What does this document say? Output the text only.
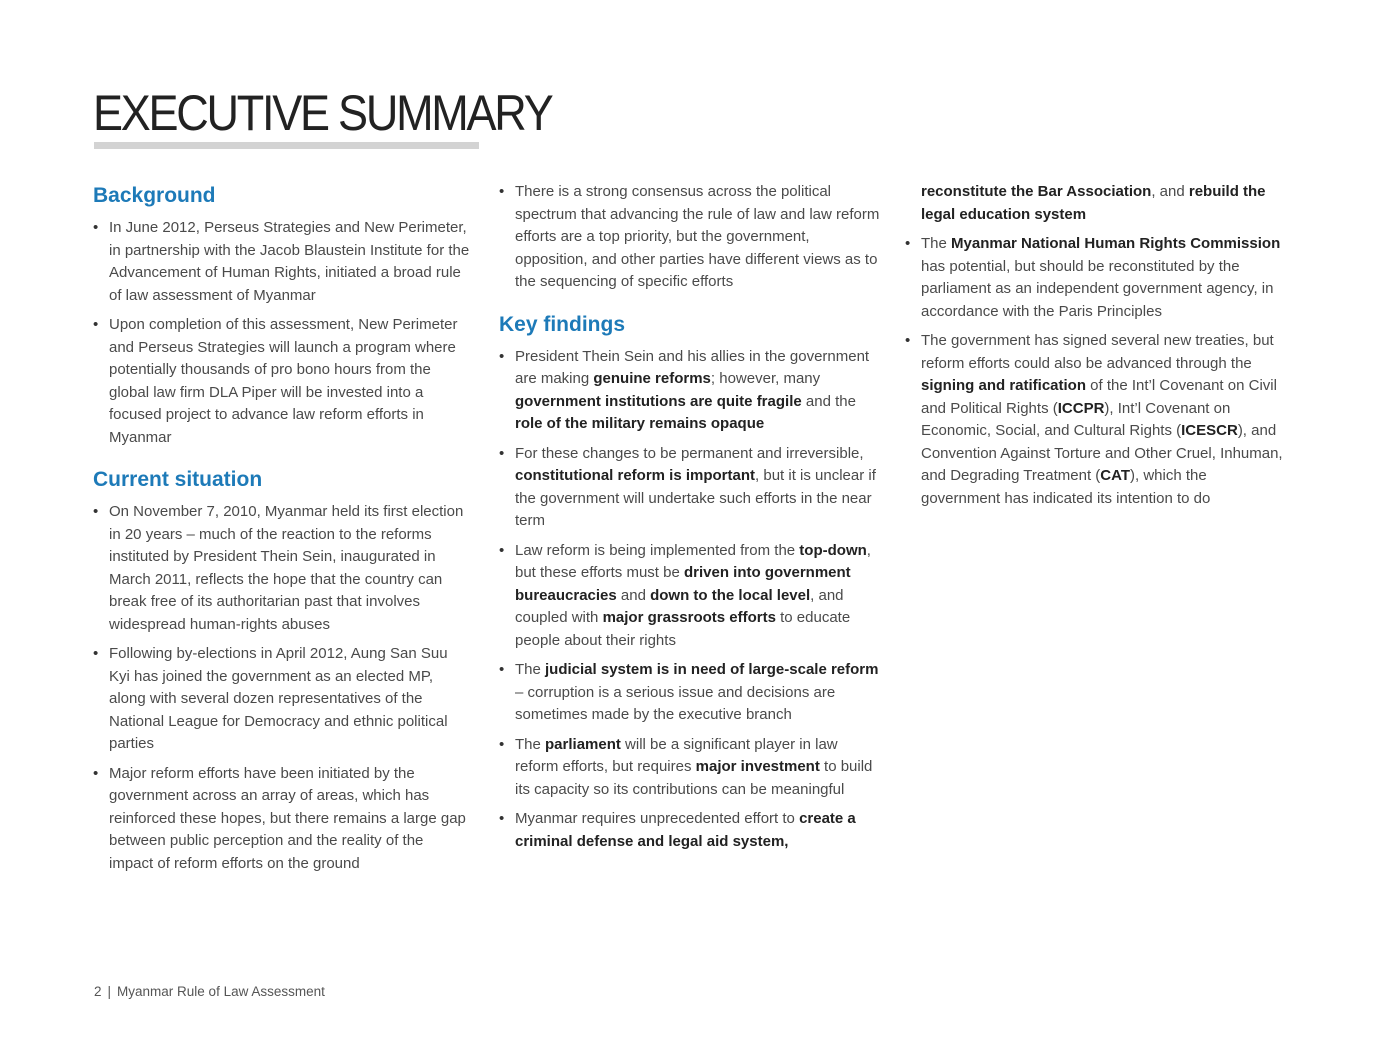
EXECUTIVE SUMMARY
Background
• In June 2012, Perseus Strategies and New Perimeter, in partnership with the Jacob Blaustein Institute for the Advancement of Human Rights, initiated a broad rule of law assessment of Myanmar
• Upon completion of this assessment, New Perimeter and Perseus Strategies will launch a program where potentially thousands of pro bono hours from the global law firm DLA Piper will be invested into a focused project to advance law reform efforts in Myanmar
Current situation
• On November 7, 2010, Myanmar held its first election in 20 years – much of the reaction to the reforms instituted by President Thein Sein, inaugurated in March 2011, reflects the hope that the country can break free of its authoritarian past that involves widespread human-rights abuses
• Following by-elections in April 2012, Aung San Suu Kyi has joined the government as an elected MP, along with several dozen representatives of the National League for Democracy and ethnic political parties
• Major reform efforts have been initiated by the government across an array of areas, which has reinforced these hopes, but there remains a large gap between public perception and the reality of the impact of reform efforts on the ground
• There is a strong consensus across the political spectrum that advancing the rule of law and law reform efforts are a top priority, but the government, opposition, and other parties have different views as to the sequencing of specific efforts
Key findings
• President Thein Sein and his allies in the government are making genuine reforms; however, many government institutions are quite fragile and the role of the military remains opaque
• For these changes to be permanent and irreversible, constitutional reform is important, but it is unclear if the government will undertake such efforts in the near term
• Law reform is being implemented from the top-down, but these efforts must be driven into government bureaucracies and down to the local level, and coupled with major grassroots efforts to educate people about their rights
• The judicial system is in need of large-scale reform – corruption is a serious issue and decisions are sometimes made by the executive branch
• The parliament will be a significant player in law reform efforts, but requires major investment to build its capacity so its contributions can be meaningful
• Myanmar requires unprecedented effort to create a criminal defense and legal aid system,
reconstitute the Bar Association, and rebuild the legal education system
• The Myanmar National Human Rights Commission has potential, but should be reconstituted by the parliament as an independent government agency, in accordance with the Paris Principles
• The government has signed several new treaties, but reform efforts could also be advanced through the signing and ratification of the Int’l Covenant on Civil and Political Rights (ICCPR), Int’l Covenant on Economic, Social, and Cultural Rights (ICESCR), and Convention Against Torture and Other Cruel, Inhuman, and Degrading Treatment (CAT), which the government has indicated its intention to do
2 | Myanmar Rule of Law Assessment
